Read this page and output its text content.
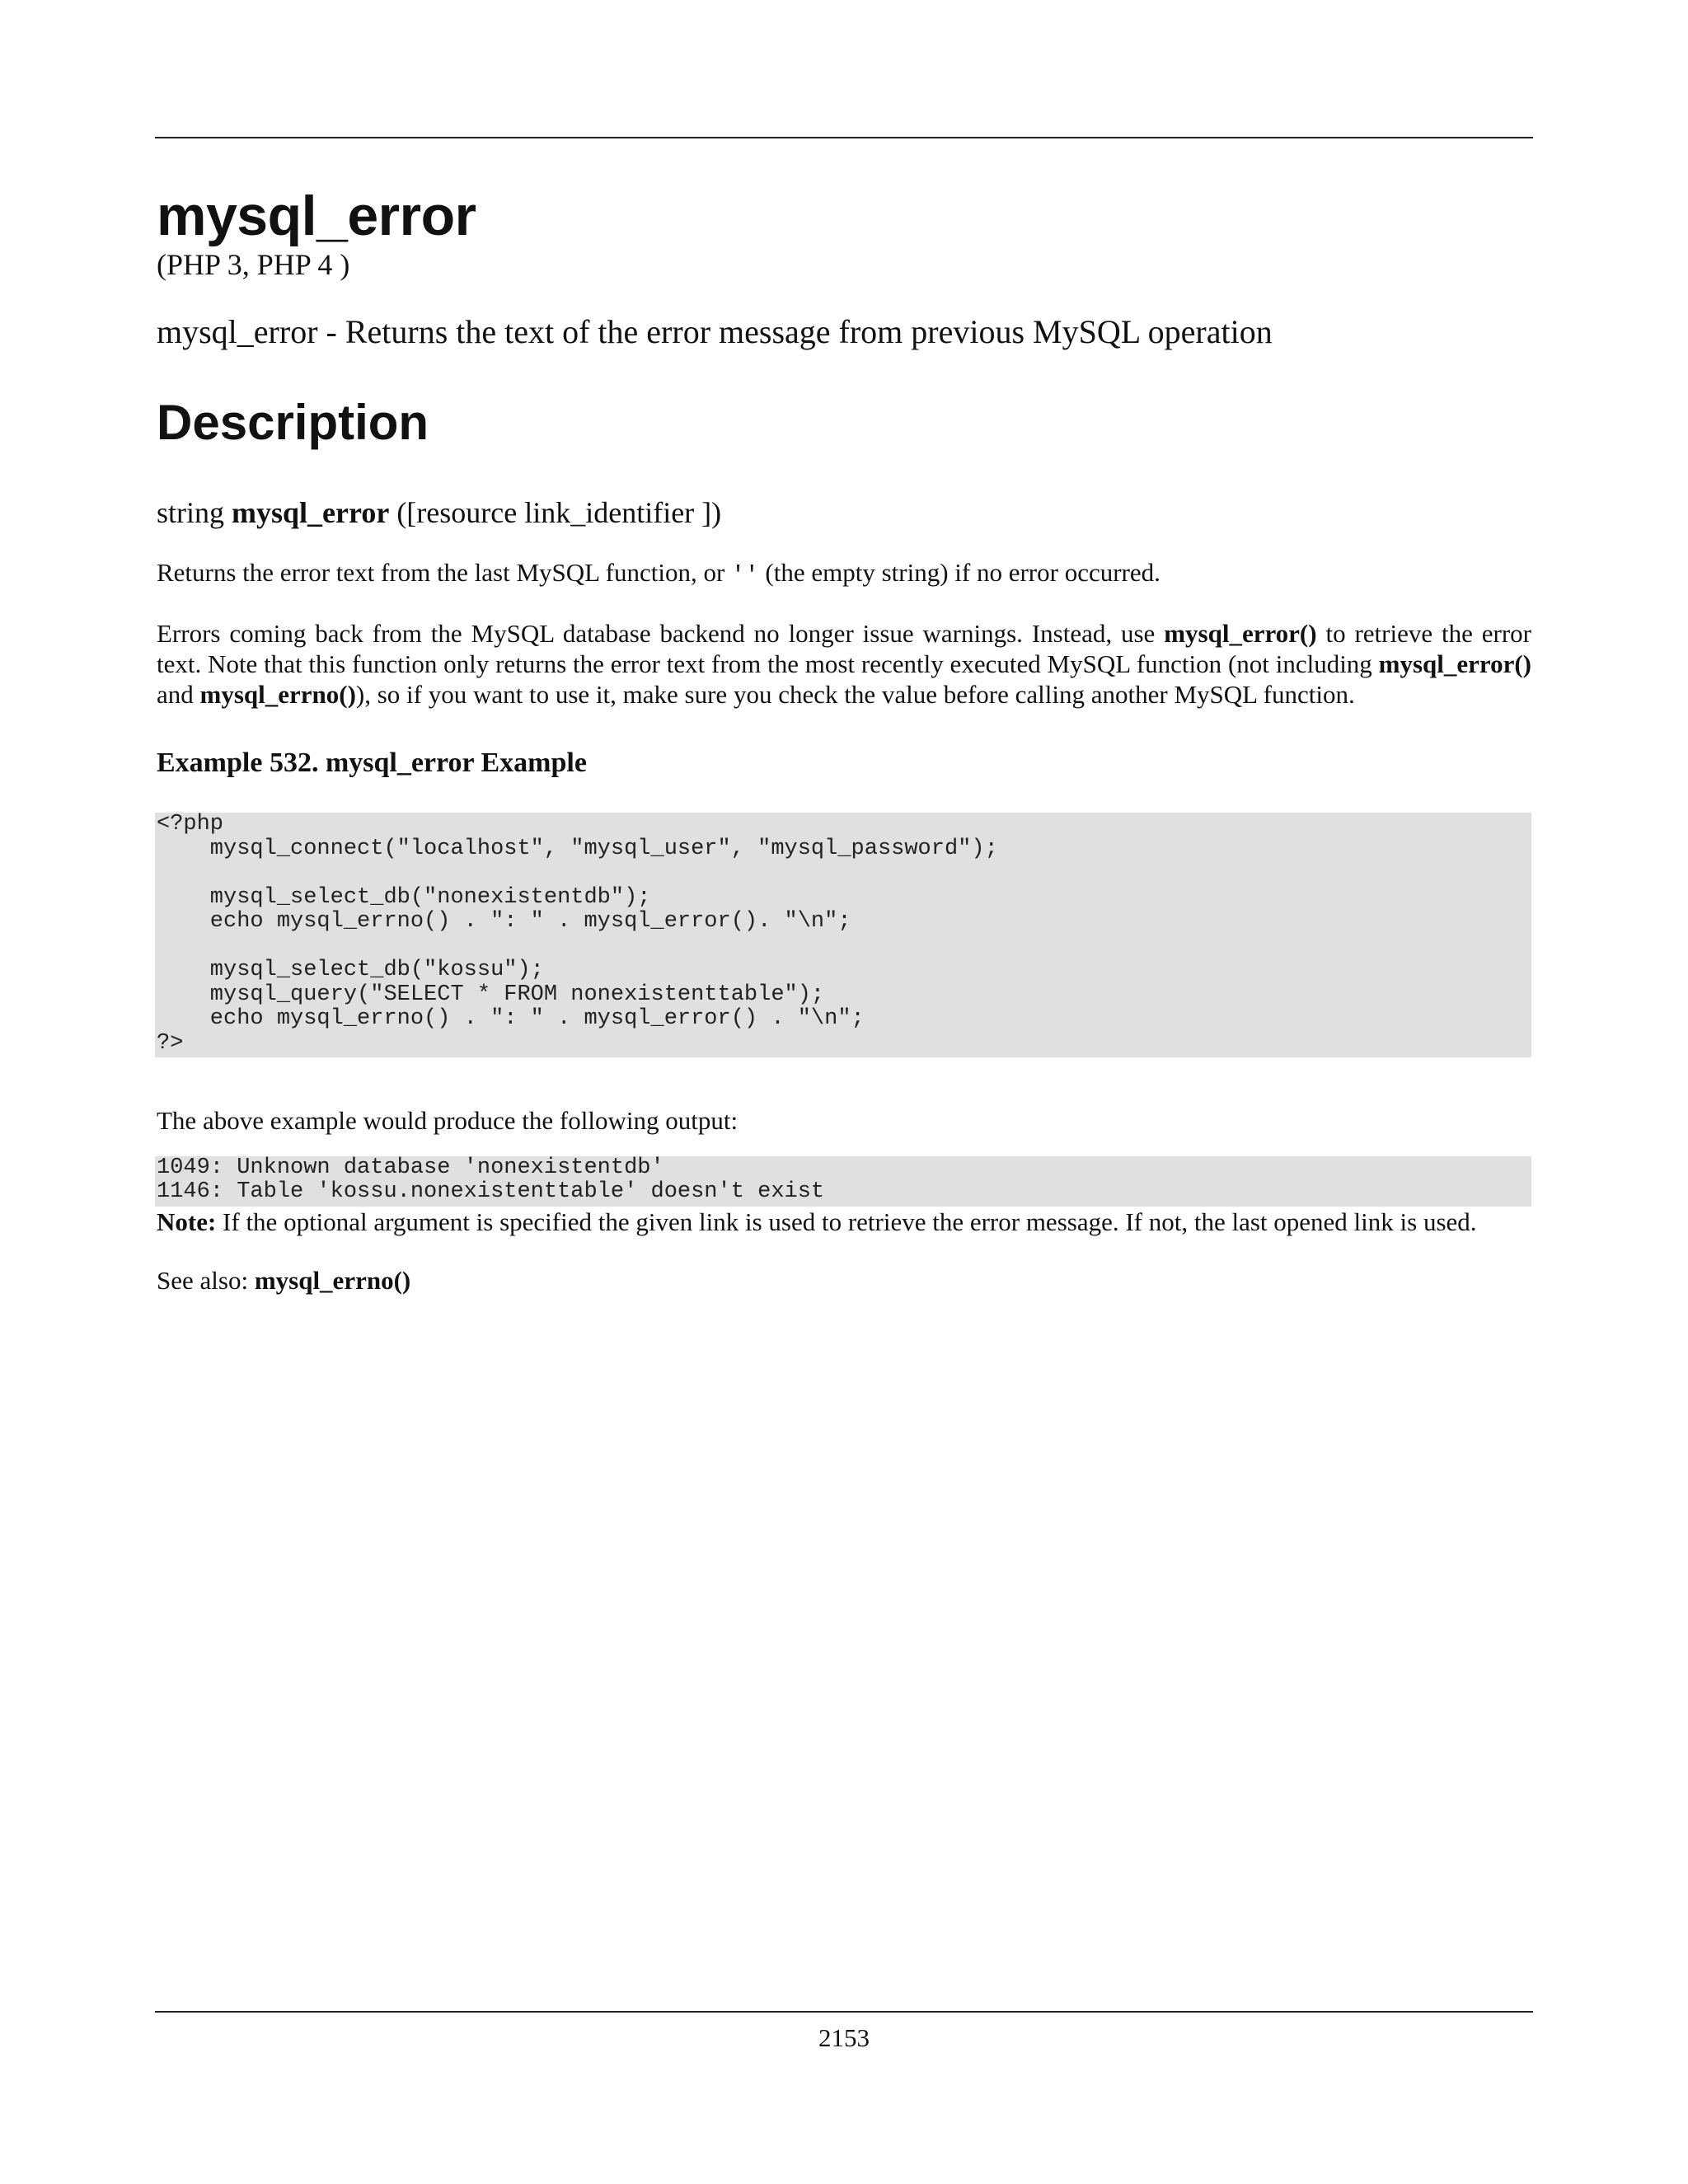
mysql_error
(PHP 3, PHP 4 )
mysql_error - Returns the text of the error message from previous MySQL operation
Description
string mysql_error ([resource link_identifier ])

Returns the error text from the last MySQL function, or '' (the empty string) if no error occurred.

Errors coming back from the MySQL database backend no longer issue warnings. Instead, use mysql_error() to retrieve the error text. Note that this function only returns the error text from the most recently executed MySQL function (not including mysql_error() and mysql_errno()), so if you want to use it, make sure you check the value before calling another MySQL function.

Example 532. mysql_error Example
<?php
mysql_connect("localhost", "mysql_user", "mysql_password");

mysql_select_db("nonexistentdb");
echo mysql_errno() . ": " . mysql_error(). "\n";

mysql_select_db("kossu");
mysql_query("SELECT * FROM nonexistenttable");
echo mysql_errno() . ": " . mysql_error() . "\n";
?>

The above example would produce the following output:

1049: Unknown database 'nonexistentdb'
1146: Table 'kossu.nonexistenttable' doesn't exist

Note: If the optional argument is specified the given link is used to retrieve the error message. If not, the last opened link is used.

See also: mysql_errno()

2153
